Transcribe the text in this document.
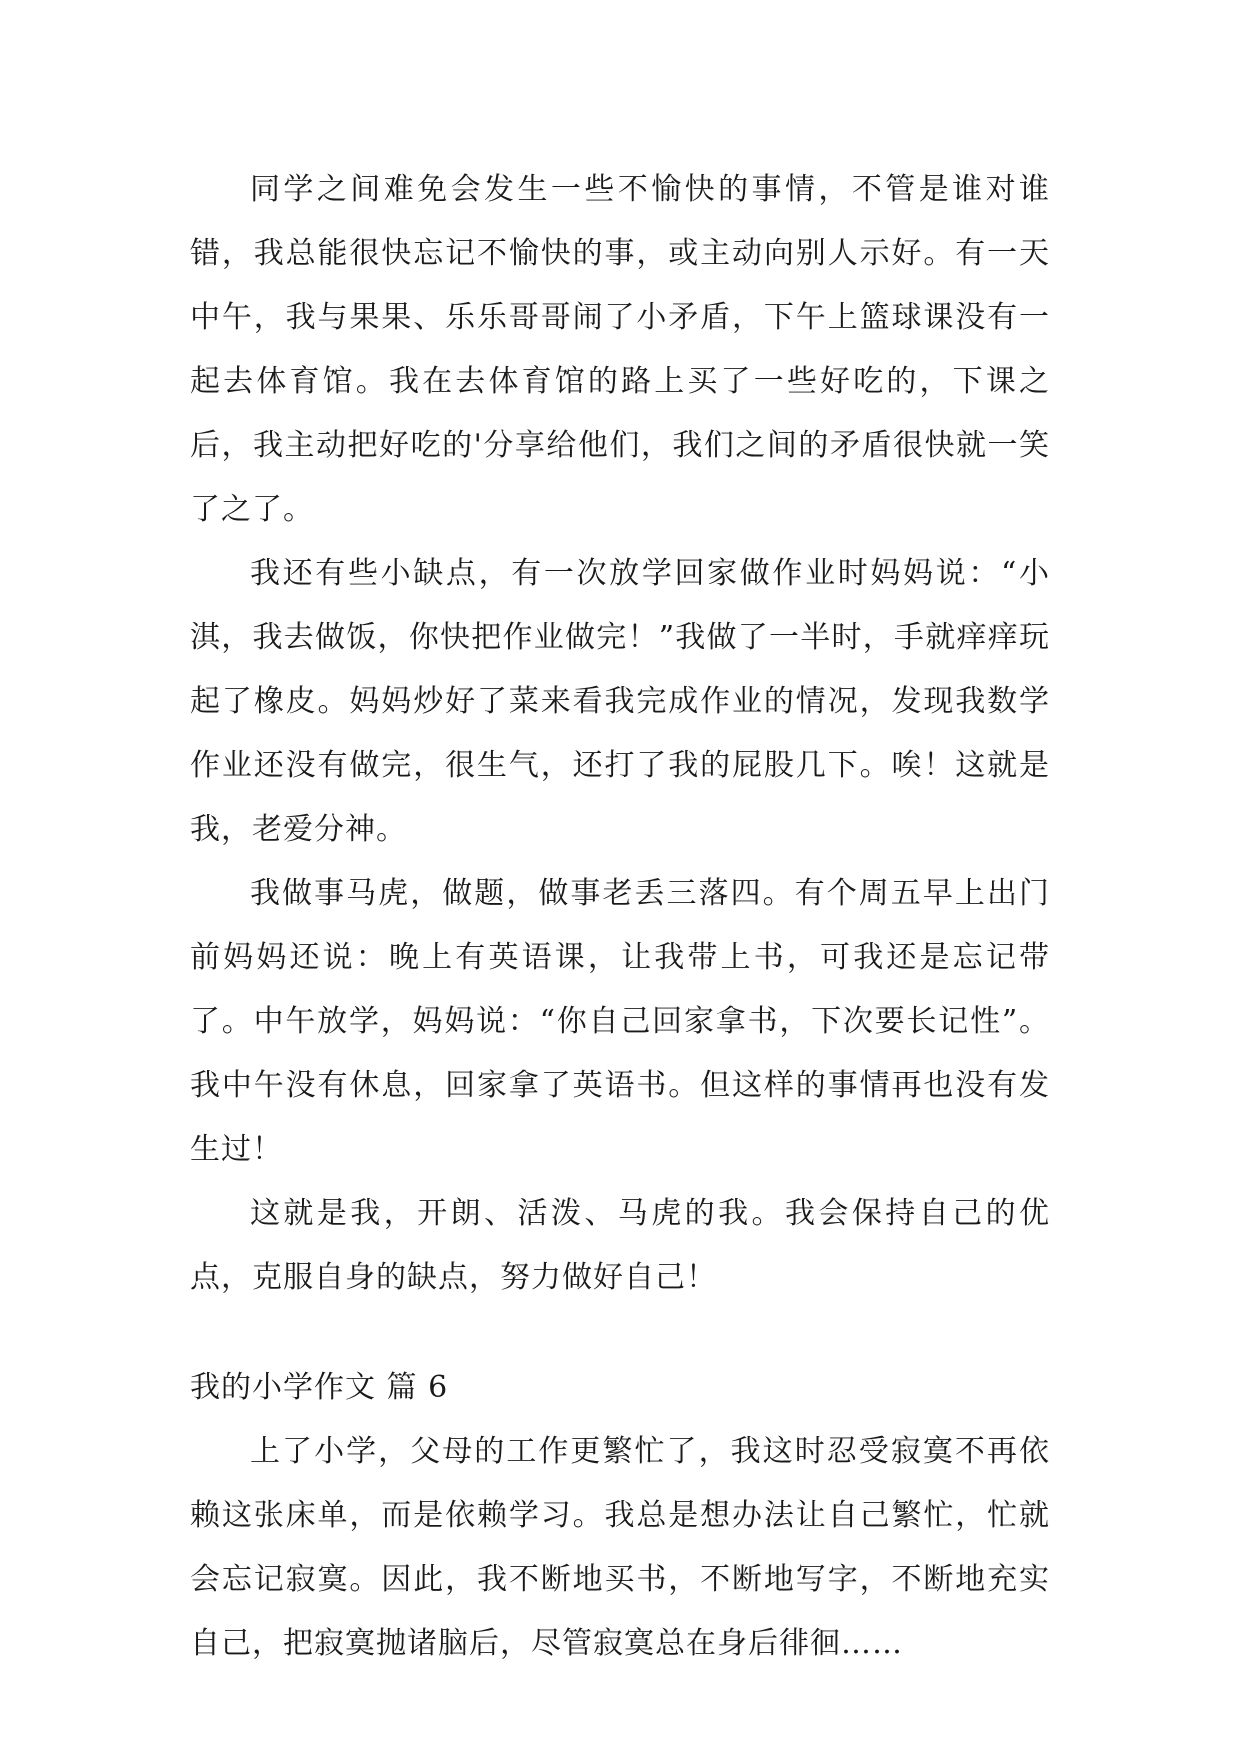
同学之间难免会发生一些不愉快的事情，不管是谁对谁错，我总能很快忘记不愉快的事，或主动向别人示好。有一天中午，我与果果、乐乐哥哥闹了小矛盾，下午上篮球课没有一起去体育馆。我在去体育馆的路上买了一些好吃的，下课之后，我主动把好吃的'分享给他们，我们之间的矛盾很快就一笑了之了。

我还有些小缺点，有一次放学回家做作业时妈妈说：“小淇，我去做饭，你快把作业做完！”我做了一半时，手就痒痒玩起了橡皮。妈妈炒好了菜来看我完成作业的情况，发现我数学作业还没有做完，很生气，还打了我的屁股几下。唉！这就是我，老爱分神。

我做事马虎，做题，做事老丢三落四。有个周五早上出门前妈妈还说：晚上有英语课，让我带上书，可我还是忘记带了。中午放学，妈妈说：“你自己回家拿书，下次要长记性”。我中午没有休息，回家拿了英语书。但这样的事情再也没有发生过！

这就是我，开朗、活泼、马虎的我。我会保持自己的优点，克服自身的缺点，努力做好自己！

我的小学作文 篇 6

上了小学，父母的工作更繁忙了，我这时忍受寂寞不再依赖这张床单，而是依赖学习。我总是想办法让自己繁忙，忙就会忘记寂寞。因此，我不断地买书，不断地写字，不断地充实自己，把寂寞抛诸脑后，尽管寂寞总在身后徘徊……
